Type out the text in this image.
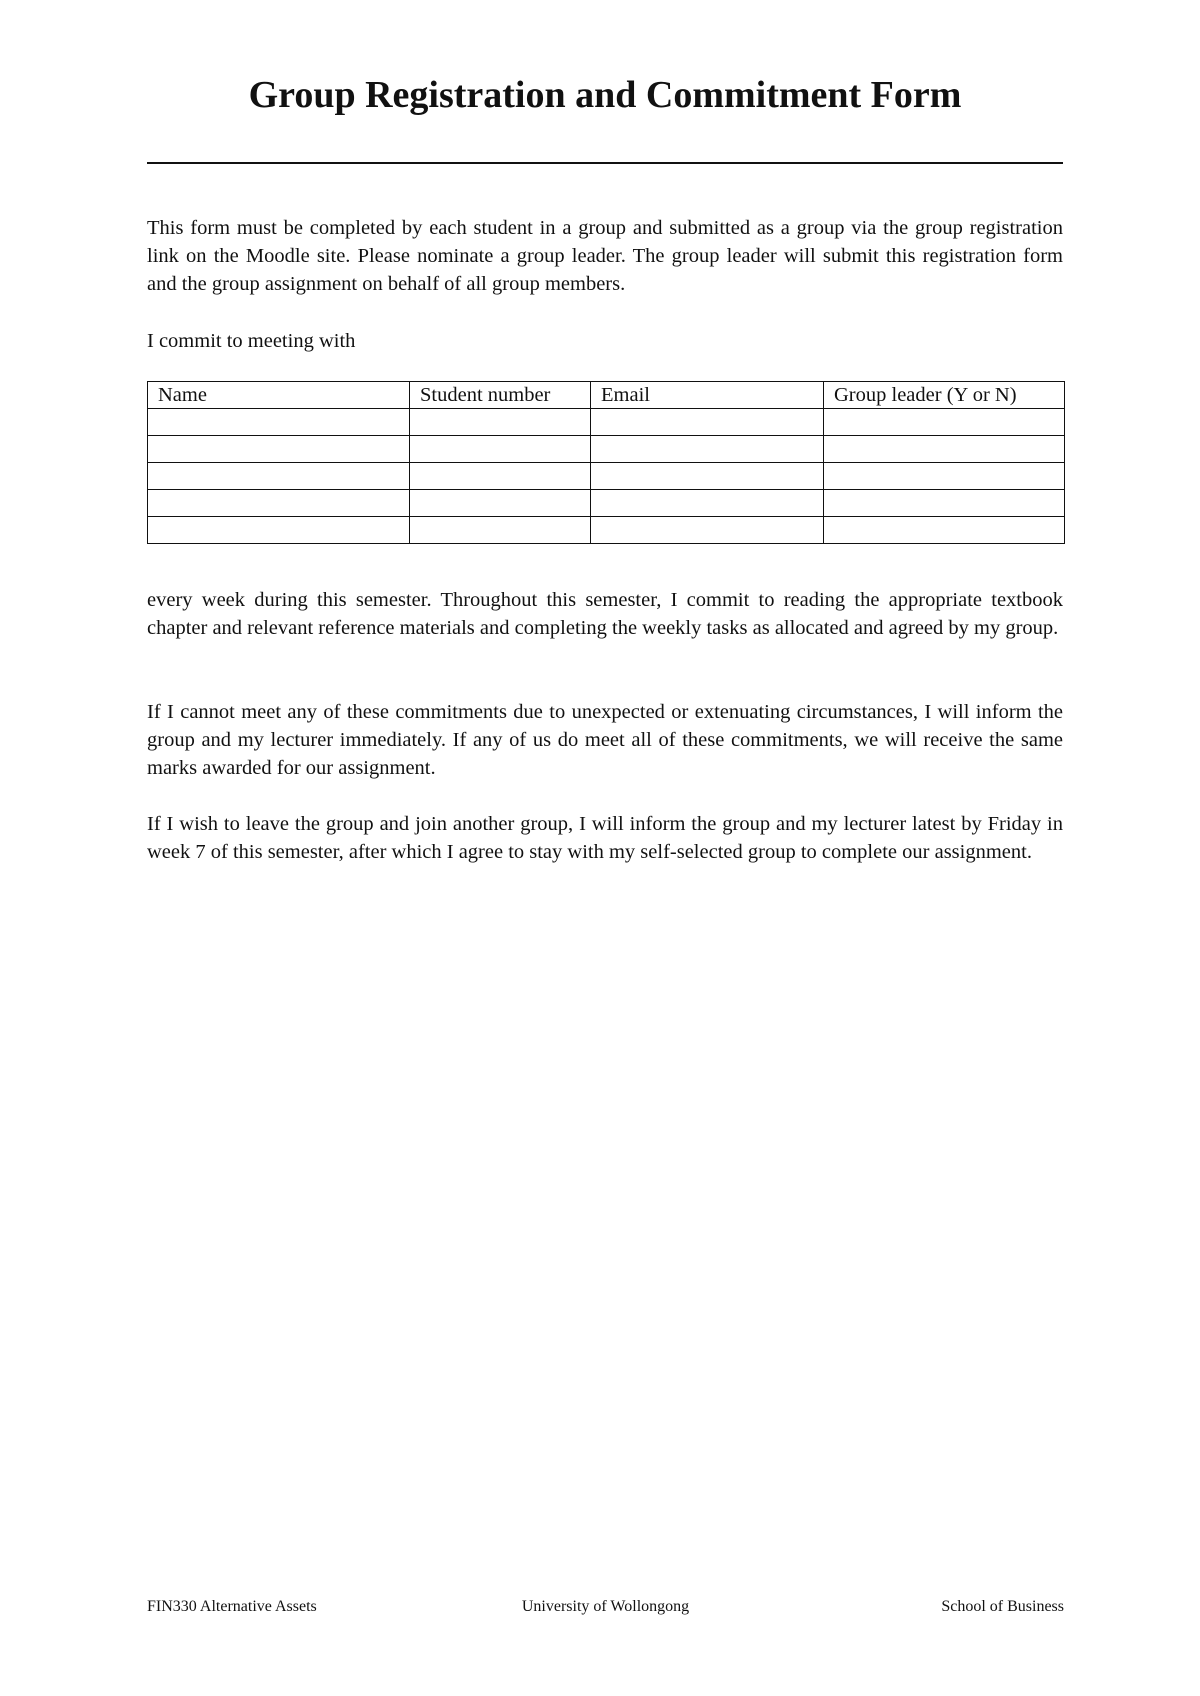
Group Registration and Commitment Form

This form must be completed by each student in a group and submitted as a group via the group registration link on the Moodle site. Please nominate a group leader. The group leader will submit this registration form and the group assignment on behalf of all group members.

I commit to meeting with

Name	Student number	Email	Group leader (Y or N)

every week during this semester. Throughout this semester, I commit to reading the appropriate textbook chapter and relevant reference materials and completing the weekly tasks as allocated and agreed by my group.

If I cannot meet any of these commitments due to unexpected or extenuating circumstances, I will inform the group and my lecturer immediately. If any of us do meet all of these commitments, we will receive the same marks awarded for our assignment.

If I wish to leave the group and join another group, I will inform the group and my lecturer latest by Friday in week 7 of this semester, after which I agree to stay with my self-selected group to complete our assignment.

University of Wollongong
FIN330 Alternative Assets	School of Business
